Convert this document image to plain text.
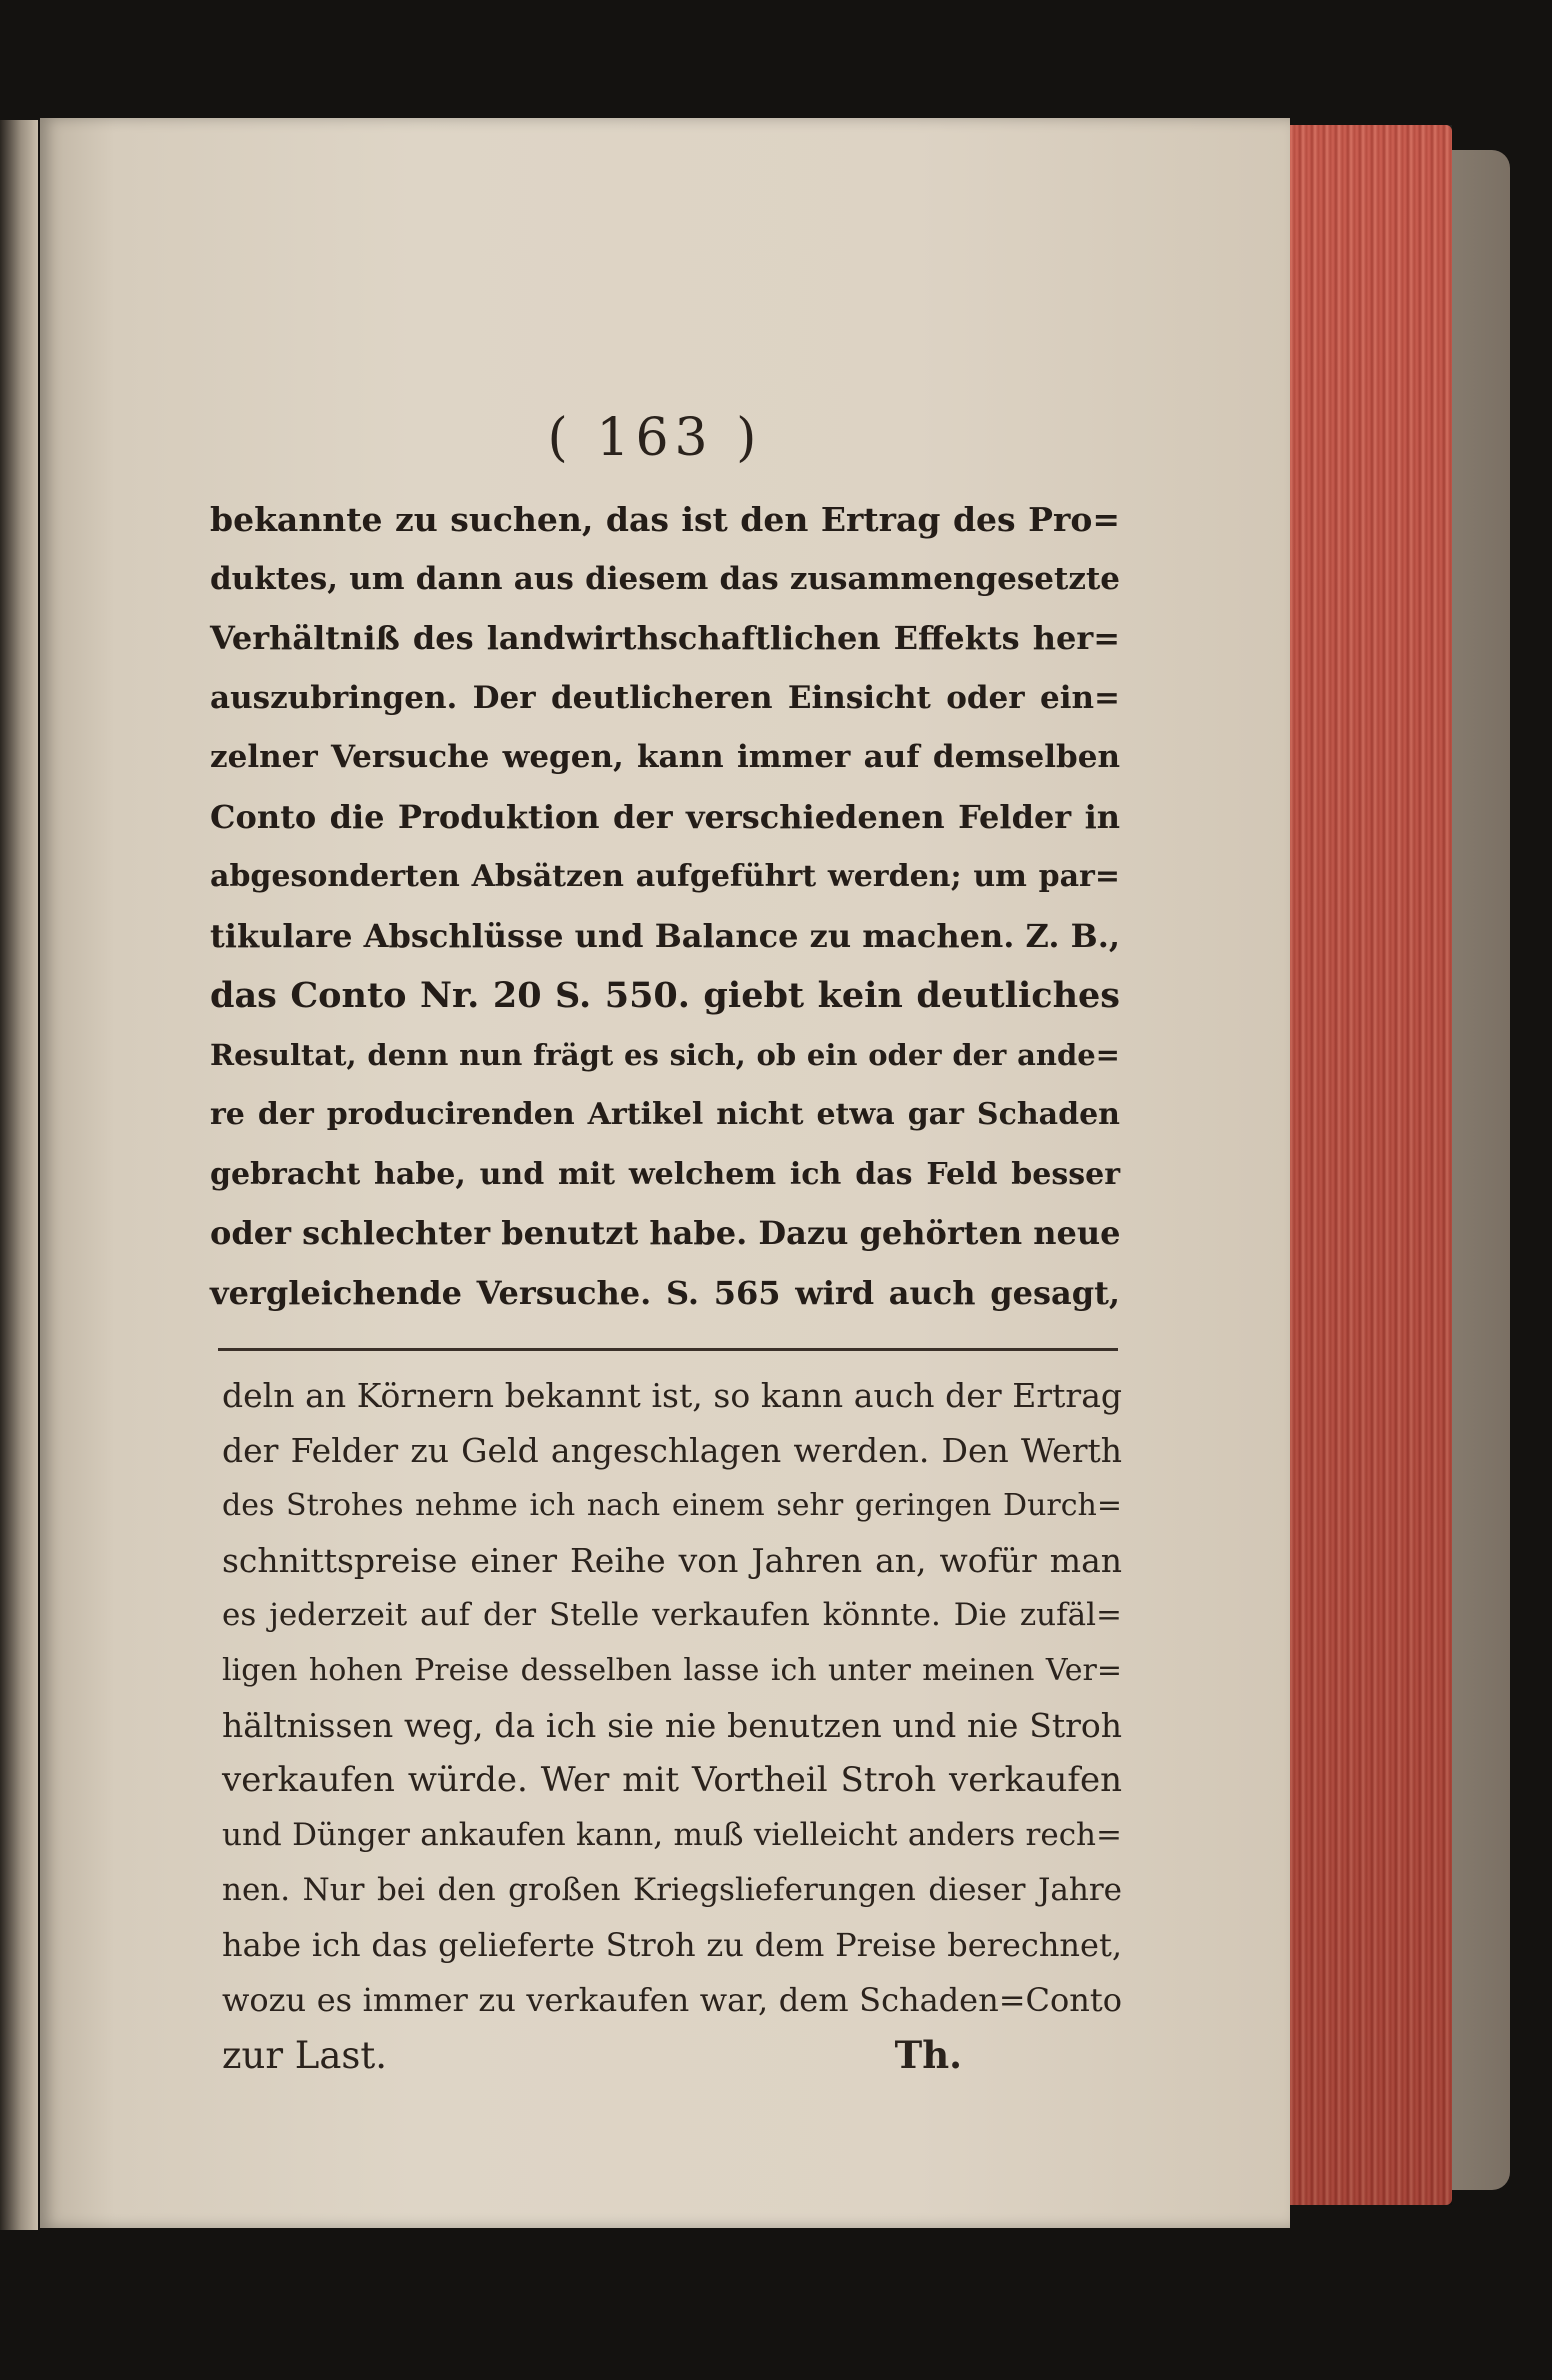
( 163 )
bekannte zu suchen, das ist den Ertrag des Pro=
duktes, um dann aus diesem das zusammengesetzte
Verhältniß des landwirthschaftlichen Effekts her=
auszubringen. Der deutlicheren Einsicht oder ein=
zelner Versuche wegen, kann immer auf demselben
Conto die Produktion der verschiedenen Felder in
abgesonderten Absätzen aufgeführt werden; um par=
tikulare Abschlüsse und Balance zu machen. Z. B.,
das Conto Nr. 20 S. 550. giebt kein deutliches
Resultat, denn nun frägt es sich, ob ein oder der ande=
re der producirenden Artikel nicht etwa gar Schaden
gebracht habe, und mit welchem ich das Feld besser
oder schlechter benutzt habe. Dazu gehörten neue
vergleichende Versuche. S. 565 wird auch gesagt,
deln an Körnern bekannt ist, so kann auch der Ertrag
der Felder zu Geld angeschlagen werden. Den Werth
des Strohes nehme ich nach einem sehr geringen Durch=
schnittspreise einer Reihe von Jahren an, wofür man
es jederzeit auf der Stelle verkaufen könnte. Die zufäl=
ligen hohen Preise desselben lasse ich unter meinen Ver=
hältnissen weg, da ich sie nie benutzen und nie Stroh
verkaufen würde. Wer mit Vortheil Stroh verkaufen
und Dünger ankaufen kann, muß vielleicht anders rech=
nen. Nur bei den großen Kriegslieferungen dieser Jahre
habe ich das gelieferte Stroh zu dem Preise berechnet,
wozu es immer zu verkaufen war, dem Schaden=Conto
zur Last.	Th.
